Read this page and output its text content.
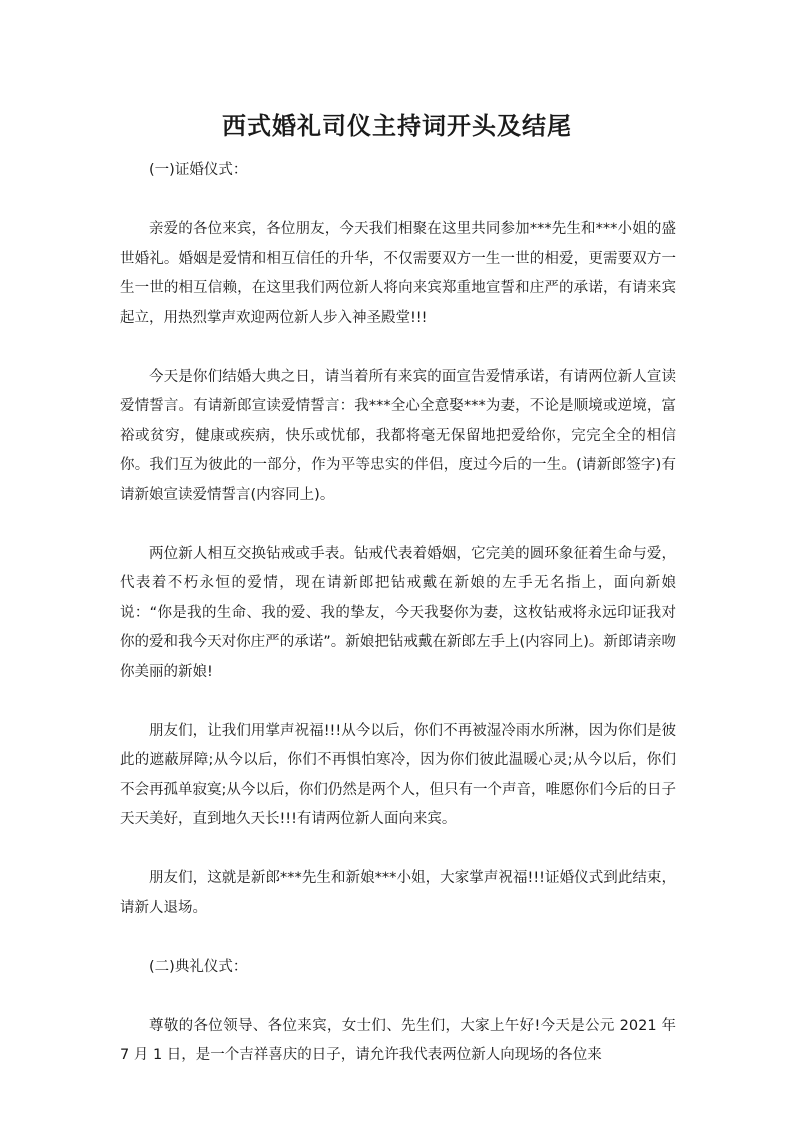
西式婚礼司仪主持词开头及结尾

(一)证婚仪式：

亲爱的各位来宾，各位朋友，今天我们相聚在这里共同参加***先生和***小姐的盛世婚礼。婚姻是爱情和相互信任的升华，不仅需要双方一生一世的相爱，更需要双方一生一世的相互信赖，在这里我们两位新人将向来宾郑重地宣誓和庄严的承诺，有请来宾起立，用热烈掌声欢迎两位新人步入神圣殿堂!!!

今天是你们结婚大典之日，请当着所有来宾的面宣告爱情承诺，有请两位新人宣读爱情誓言。有请新郎宣读爱情誓言：我***全心全意娶***为妻，不论是顺境或逆境，富裕或贫穷，健康或疾病，快乐或忧郁，我都将毫无保留地把爱给你，完完全全的相信你。我们互为彼此的一部分，作为平等忠实的伴侣，度过今后的一生。(请新郎签字)有请新娘宣读爱情誓言(内容同上)。

两位新人相互交换钻戒或手表。钻戒代表着婚姻，它完美的圆环象征着生命与爱，代表着不朽永恒的爱情，现在请新郎把钻戒戴在新娘的左手无名指上，面向新娘说：“你是我的生命、我的爱、我的挚友，今天我娶你为妻，这枚钻戒将永远印证我对你的爱和我今天对你庄严的承诺”。新娘把钻戒戴在新郎左手上(内容同上)。新郎请亲吻你美丽的新娘!

朋友们，让我们用掌声祝福!!!从今以后，你们不再被湿冷雨水所淋，因为你们是彼此的遮蔽屏障;从今以后，你们不再惧怕寒冷，因为你们彼此温暖心灵;从今以后，你们不会再孤单寂寞;从今以后，你们仍然是两个人，但只有一个声音，唯愿你们今后的日子天天美好，直到地久天长!!!有请两位新人面向来宾。

朋友们，这就是新郎***先生和新娘***小姐，大家掌声祝福!!!证婚仪式到此结束，请新人退场。

(二)典礼仪式：

尊敬的各位领导、各位来宾，女士们、先生们，大家上午好!今天是公元 2021 年 7 月 1 日，是一个吉祥喜庆的日子，请允许我代表两位新人向现场的各位来
